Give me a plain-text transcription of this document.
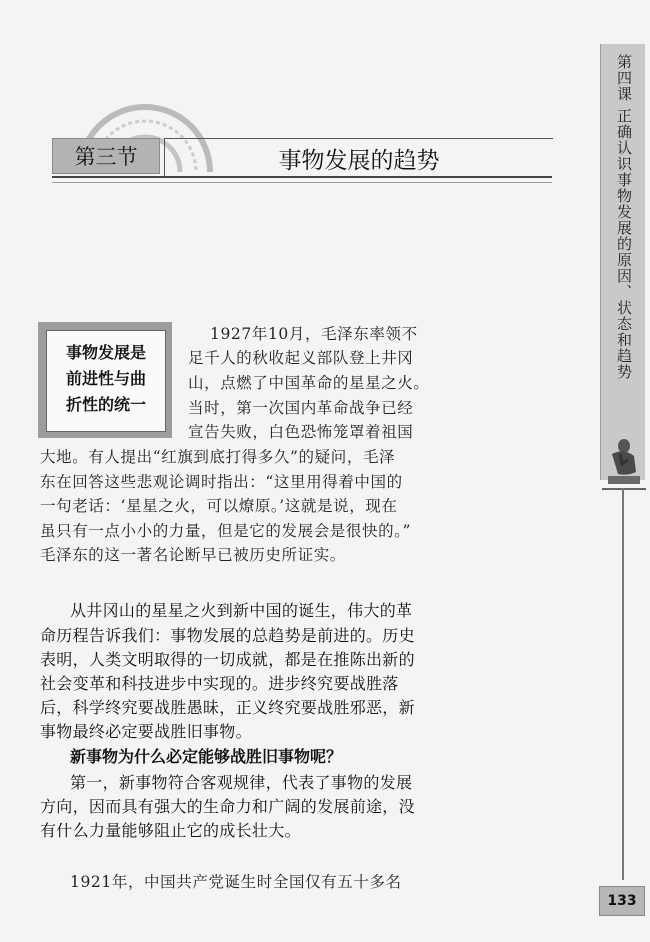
第四课 正确认识事物发展的原因、状态和趋势
133
第三节	事物发展的趋势
事物发展是
前进性与曲
折性的统一
1927年10月，毛泽东率领不
足千人的秋收起义部队登上井冈
山，点燃了中国革命的星星之火。
当时，第一次国内革命战争已经
宣告失败，白色恐怖笼罩着祖国
大地。有人提出“红旗到底打得多久”的疑问，毛泽
东在回答这些悲观论调时指出：“这里用得着中国的
一句老话：‘星星之火，可以燎原。’这就是说，现在
虽只有一点小小的力量，但是它的发展会是很快的。”
毛泽东的这一著名论断早已被历史所证实。
从井冈山的星星之火到新中国的诞生，伟大的革
命历程告诉我们：事物发展的总趋势是前进的。历史
表明，人类文明取得的一切成就，都是在推陈出新的
社会变革和科技进步中实现的。进步终究要战胜落
后，科学终究要战胜愚昧，正义终究要战胜邪恶，新
事物最终必定要战胜旧事物。
新事物为什么必定能够战胜旧事物呢？
第一，新事物符合客观规律，代表了事物的发展
方向，因而具有强大的生命力和广阔的发展前途，没
有什么力量能够阻止它的成长壮大。
1921年，中国共产党诞生时全国仅有五十多名
